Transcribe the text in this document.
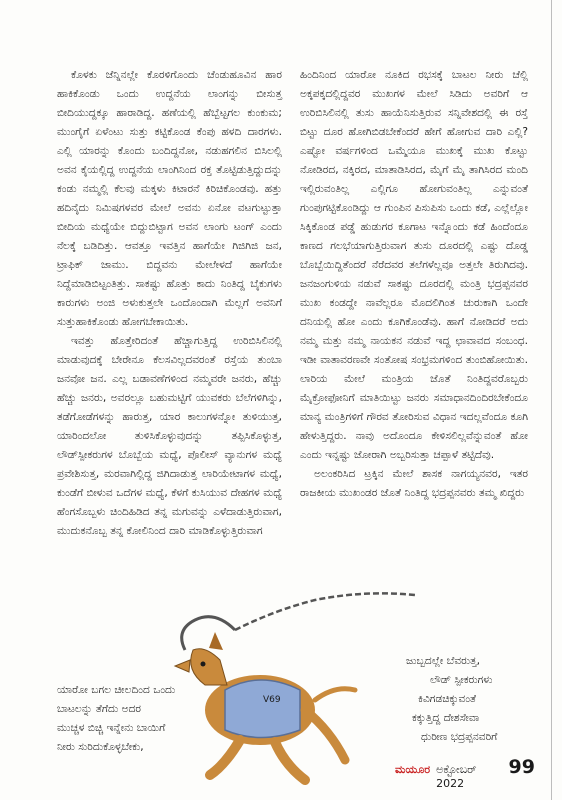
ಕೊಳಕು ಜೆನ್ನಿನಲ್ಲೇ ಕೊರಳಿಗೊಂದು ಚೆಂಡುಹೂವಿನ ಹಾರ ಹಾಕಿಕೊಂಡು ಒಂದು ಉದ್ದನೆಯ ಲಾಂಗನ್ನು ಬೀಸುತ್ತ ಬೀದಿಯುದ್ದಕ್ಕೂ ಹಾರಾಡಿದ್ದ. ಹಣೆಯಲ್ಲಿ ಹೆಬ್ಬೆಟ್ಟಗಲ ಕುಂಕುಮ; ಮುಂಗೈಗೆ ಏಳೆಂಟು ಸುತ್ತು ಕಟ್ಟಿಕೊಂಡ ಕೆಂಪು ಹಳದಿ ದಾರಗಳು. ಎಲ್ಲಿ ಯಾರನ್ನು ಕೊಂದು ಬಂದಿದ್ದನೋ, ನಡುಹಗಲಿನ ಬಿಸಿಲಲ್ಲಿ ಅವನ ಕೈಯಲ್ಲಿದ್ದ ಉದ್ದನೆಯ ಲಾಂಗಿನಿಂದ ರಕ್ತ ತೊಟ್ಟಿಡುತ್ತಿದ್ದುದನ್ನು ಕಂಡು ನಮ್ಮಲ್ಲಿ ಕೆಲವು ಮಕ್ಕಳು ಕಿಟಾರನೆ ಕಿರಿಚಿಕೊಂಡವು. ಹತ್ತು ಹದಿನೈದು ನಿಮಿಷಗಳವರ ಮೇಲೆ ಅವನು ಏನೋ ವಟಗುಟ್ಟುತ್ತಾ ಬೀದಿಯ ಮಧ್ಯೆಯೇ ಬಿದ್ದುಬಿಟ್ಟಾಗ ಅವನ ಲಾಂಗು ಟಂಗ್ ಎಂದು ನೆಲಕ್ಕೆ ಬಡಿದಿತ್ತು. ಆವತ್ತೂ ಇವತ್ತಿನ ಹಾಗೆಯೇ ಗಿಜಿಗಿಜಿ ಜನ, ಟ್ರಾಫಿಕ್ ಜಾಮು. ಬಿದ್ದವನು ಮೇಲೇಳದೆ ಹಾಗೆಯೇ ನಿದ್ದೆಮಾಡಿಬಿಟ್ಟಂತಿತ್ತು. ಸಾಕಷ್ಟು ಹೊತ್ತು ಕಾದು ನಿಂತಿದ್ದ ಬೈಕುಗಳು ಕಾರುಗಳು ಅಂಜಿ ಅಳುಕುತ್ತಲೇ ಒಂದೊಂದಾಗಿ ಮೆಲ್ಲಗೆ ಅವನಿಗೆ ಸುತ್ತುಹಾಕಿಕೊಂಡು ಹೋಗಬೇಕಾಯಿತು.

ಇವತ್ತು ಹೊತ್ತೇರಿದಂತೆ ಹೆಚ್ಚಾಗುತ್ತಿದ್ದ ಉರಿಬಿಸಿಲಿನಲ್ಲಿ ಮಾಡುವುದಕ್ಕೆ ಬೇರೇನೂ ಕೆಲಸವಿಲ್ಲದವರಂತೆ ರಸ್ತೆಯ ತುಂಬಾ ಜನವೋ ಜನ. ಎಲ್ಲ ಬಡಾವಣೆಗಳಿಂದ ನಮ್ಮವರೇ ಜನರು, ಹೆಚ್ಚು ಹೆಚ್ಚು ಜನರು, ಅವರಲ್ಲೂ ಬಹುಮಟ್ಟಿಗೆ ಯುವಕರು ಬೆಲೆಗಳಿಗಿನ್ನು, ತಡೆಗೋಡೆಗಳನ್ನು ಹಾರುತ್ತ, ಯಾರ ಕಾಲುಗಳನ್ನೋ ತುಳಿಯುತ್ತ, ಯಾರಿಂದಲೋ ತುಳಿಸಿಕೊಳ್ಳುವುದನ್ನು ತಪ್ಪಿಸಿಕೊಳ್ಳುತ್ತ, ಲೌಡ್‌ಸ್ಪೀಕರುಗಳ ಬೊಬ್ಬೆಯ ಮಧ್ಯೆ, ಪೊಲೀಸ್ ವ್ಯಾನುಗಳ ಮಧ್ಯೆ ಪ್ರವೇಶಿಸುತ್ತ, ಮರವಾಗಿಲ್ಲಿದ್ದ ಜಿಗಿದಾಡುತ್ತ ಲಾರಿಯೇಟಾಗಳ ಮಧ್ಯೆ, ಕುಂಡೆಗೆ ಬೀಳುವ ಒದೆಗಳ ಮಧ್ಯೆ, ಕೆಳಗೆ ಕುಸಿಯುವ ದೇಹಗಳ ಮಧ್ಯೆ ಹೆಂಗಸೊಬ್ಬಳು ಚಿಂದಿಹಿಡಿದ ತನ್ನ ಮಗುವನ್ನು ಎಳೆದಾಡುತ್ತಿರುವಾಗ, ಮುದುಕನೊಬ್ಬ ತನ್ನ ಕೋಲಿನಿಂದ ದಾರಿ ಮಾಡಿಕೊಳ್ಳುತ್ತಿರುವಾಗ

ಯಾರೋ ಬಗಲ ಚೀಲದಿಂದ ಒಂದು
ಬಾಟಲನ್ನು ತೆಗೆದು ಅದರ
ಮುಚ್ಚಳ ಬಿಚ್ಚಿ ಇನ್ನೇನು ಬಾಯಿಗೆ
ನೀರು ಸುರಿದುಕೊಳ್ಳಬೇಕು,

ಹಿಂದಿನಿಂದ ಯಾರೋ ನೂಕಿದ ರಭಸಕ್ಕೆ ಬಾಟಲ ನೀರು ಚೆಲ್ಲಿ ಅಕ್ಕಪಕ್ಕದಲ್ಲಿದ್ದವರ ಮುಖಗಳ ಮೇಲೆ ಸಿಡಿದು ಅವರಿಗೆ ಆ ಉರಿಬಿಸಿಲಿನಲ್ಲಿ ತುಸು ಹಾಯೆನಿಸುತ್ತಿರುವ ಸನ್ನಿವೇಶದಲ್ಲಿ ಈ ರಸ್ತೆ ಬಿಟ್ಟು ದೂರ ಹೋಗಿಬಿಡಬೇಕೆಂದರೆ ಹೇಗೆ ಹೋಗುವ ದಾರಿ ಎಲ್ಲಿ? ಎಷ್ಟೋ ವರ್ಷಗಳಿಂದ ಒಮ್ಮೆಯೂ ಮುಖಕ್ಕೆ ಮುಖ ಕೊಟ್ಟು ನೋಡಿರದ, ನಕ್ಕಿರದ, ಮಾತಾಡಿಸಿರದ, ಮೈಗೆ ಮೈ ತಾಗಿಸಿರದ ಮಂದಿ ಇಲ್ಲಿರುವಂತಿಲ್ಲ ಎಲ್ಲಿಗೂ ಹೋಗುವಂತಿಲ್ಲ ಎನ್ನುವಂತೆ ಗುಂಪುಗಟ್ಟಿಕೊಂಡಿದ್ದು ಆ ಗುಂಪಿನ ಪಿಸುಪಿಸು ಒಂದು ಕಡೆ, ಎಲ್ಲೆಲ್ಲೋ ಸಿಕ್ಕಿಕೊಂಡ ಪಡ್ಡೆ ಹುಡುಗರ ಕೂಗಾಟ ಇನ್ನೊಂದು ಕಡೆ ಹಿಂದೆಂದೂ ಕಾಣದ ಗಲಭೆಯಾಗುತ್ತಿರುವಾಗ ತುಸು ದೂರದಲ್ಲಿ ಎಷ್ಟು ದೊಡ್ಡ ಬೊಬ್ಬೆಯಿದ್ದಿತೆಂದರೆ ನೆರೆದವರ ತಲೆಗಳೆಲ್ಲವೂ ಅತ್ತಲೇ ತಿರುಗಿದವು. ಜನಜಂಗುಳಿಯ ನಡುವೆ ಸಾಕಷ್ಟು ದೂರದಲ್ಲಿ ಮಂತ್ರಿ ಭದ್ರಪ್ಪನವರ ಮುಖ ಕಂಡದ್ದೇ ನಾವೆಲ್ಲರೂ ಮೊದಲಿಗಿಂತ ಚುರುಕಾಗಿ ಒಂದೇ ದನಿಯಲ್ಲಿ ಹೋ ಎಂದು ಕೂಗಿಕೊಂಡೆವು. ಹಾಗೆ ನೋಡಿದರೆ ಅದು ನಮ್ಮ ಮತ್ತು ನಮ್ಮ ನಾಯಕನ ನಡುವೆ ಇದ್ದ ಛಾವಾವದ ಸಂಬಂಧ. ಇಡೀ ವಾತಾವರಣವೇ ಸಂತೋಷ ಸಂಭ್ರಮಗಳಿಂದ ತುಂಬಿಹೋಯಿತು. ಲಾರಿಯ ಮೇಲೆ ಮಂತ್ರಿಯ ಜೊತೆ ನಿಂತಿದ್ದವರೊಬ್ಬರು ಮೈಕ್ರೋಫೋನಿಗೆ ಮಾತಿಯಿಟ್ಟು ಜನರು ಸಮಾಧಾನದಿಂದಿರಬೇಕೆಂದೂ ಮಾನ್ಯ ಮಂತ್ರಿಗಳಿಗೆ ಗೌರವ ತೋರಿಸುವ ವಿಧಾನ ಇದಲ್ಲವೆಂದೂ ಕೂಗಿ ಹೇಳುತ್ತಿದ್ದರು. ನಾವು ಅದೊಂದೂ ಕೇಳಿಸಲಿಲ್ಲವೆನ್ನುವಂತೆ ಹೋ ಎಂದು ಇನ್ನಷ್ಟು ಜೋರಾಗಿ ಅಬ್ಬರಿಸುತ್ತಾ ಚಪ್ಪಾಳೆ ತಟ್ಟಿದೆವು.

ಅಲಂಕರಿಸಿದ ಟ್ರಕ್ಕಿನ ಮೇಲೆ ಶಾಸಕ ನಾಗಯ್ಯನವರ, ಇತರ ರಾಜಕೀಯ ಮುಖಂಡರ ಜೊತೆ ನಿಂತಿದ್ದ ಭದ್ರಪ್ಪನವರು ತಮ್ಮ ಖಿದ್ದರು

ಜುಬ್ಬದಲ್ಲೇ ಬೆವರುತ್ತ,
ಲೌಡ್ ಸ್ಪೀಕರುಗಳು
ಕಿವಿಗಡಚಿಕ್ಕುವಂತೆ
ಕಕ್ಕುತ್ತಿದ್ದ ದೇಶಸೇವಾ
ಧುರೀಣ ಭದ್ರಪ್ಪನವರಿಗೆ
V69
ಮಯೂರ ಅಕ್ಟೋಬರ್ 2022
99
